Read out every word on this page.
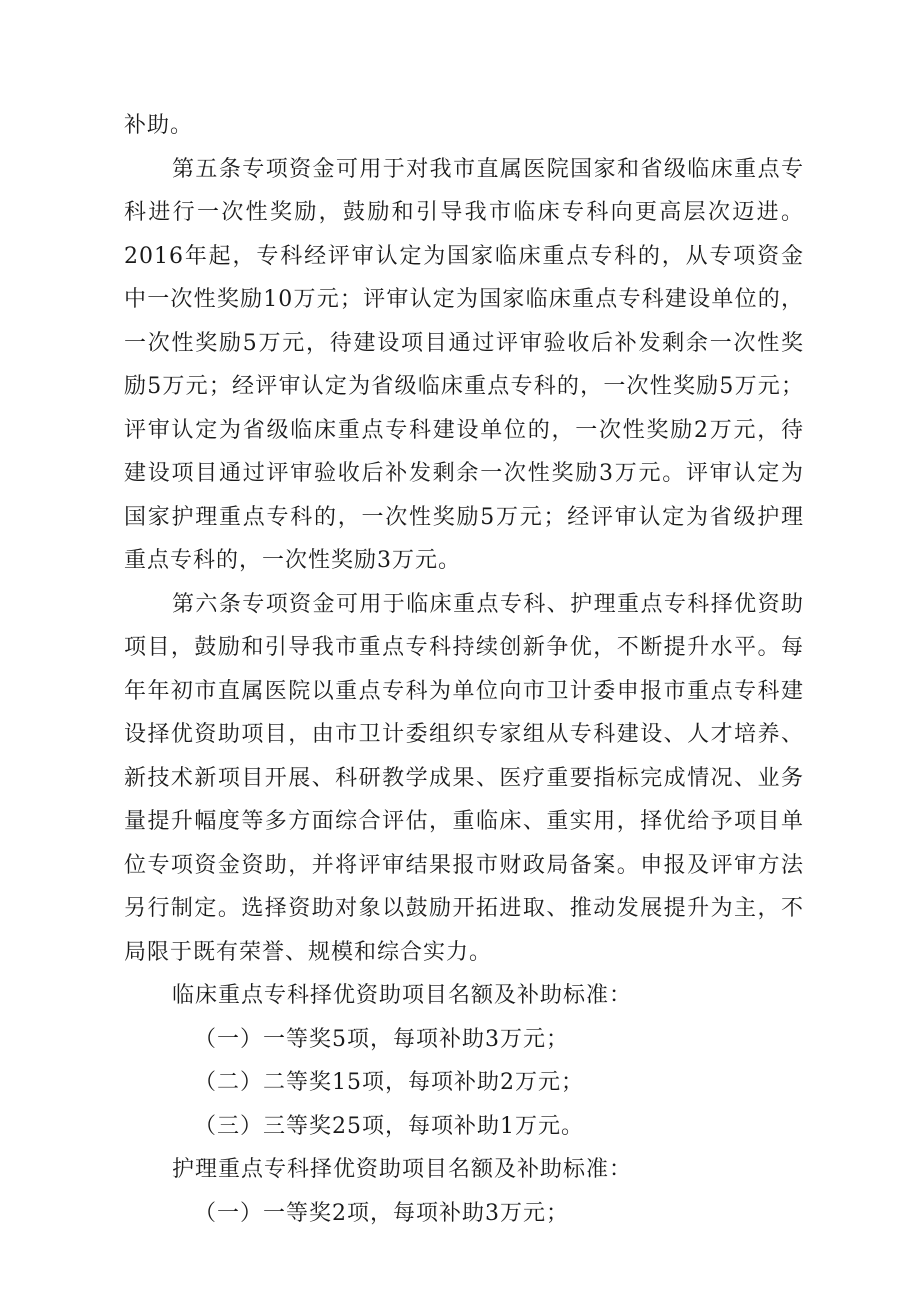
补助。

第五条专项资金可用于对我市直属医院国家和省级临床重点专科进行一次性奖励，鼓励和引导我市临床专科向更高层次迈进。2016年起，专科经评审认定为国家临床重点专科的，从专项资金中一次性奖励10万元；评审认定为国家临床重点专科建设单位的，一次性奖励5万元，待建设项目通过评审验收后补发剩余一次性奖励5万元；经评审认定为省级临床重点专科的，一次性奖励5万元；评审认定为省级临床重点专科建设单位的，一次性奖励2万元，待建设项目通过评审验收后补发剩余一次性奖励3万元。评审认定为国家护理重点专科的，一次性奖励5万元；经评审认定为省级护理重点专科的，一次性奖励3万元。

第六条专项资金可用于临床重点专科、护理重点专科择优资助项目，鼓励和引导我市重点专科持续创新争优，不断提升水平。每年年初市直属医院以重点专科为单位向市卫计委申报市重点专科建设择优资助项目，由市卫计委组织专家组从专科建设、人才培养、新技术新项目开展、科研教学成果、医疗重要指标完成情况、业务量提升幅度等多方面综合评估，重临床、重实用，择优给予项目单位专项资金资助，并将评审结果报市财政局备案。申报及评审方法另行制定。选择资助对象以鼓励开拓进取、推动发展提升为主，不局限于既有荣誉、规模和综合实力。

临床重点专科择优资助项目名额及补助标准：

（一）一等奖5项，每项补助3万元；

（二）二等奖15项，每项补助2万元；

（三）三等奖25项，每项补助1万元。

护理重点专科择优资助项目名额及补助标准：

（一）一等奖2项，每项补助3万元；
